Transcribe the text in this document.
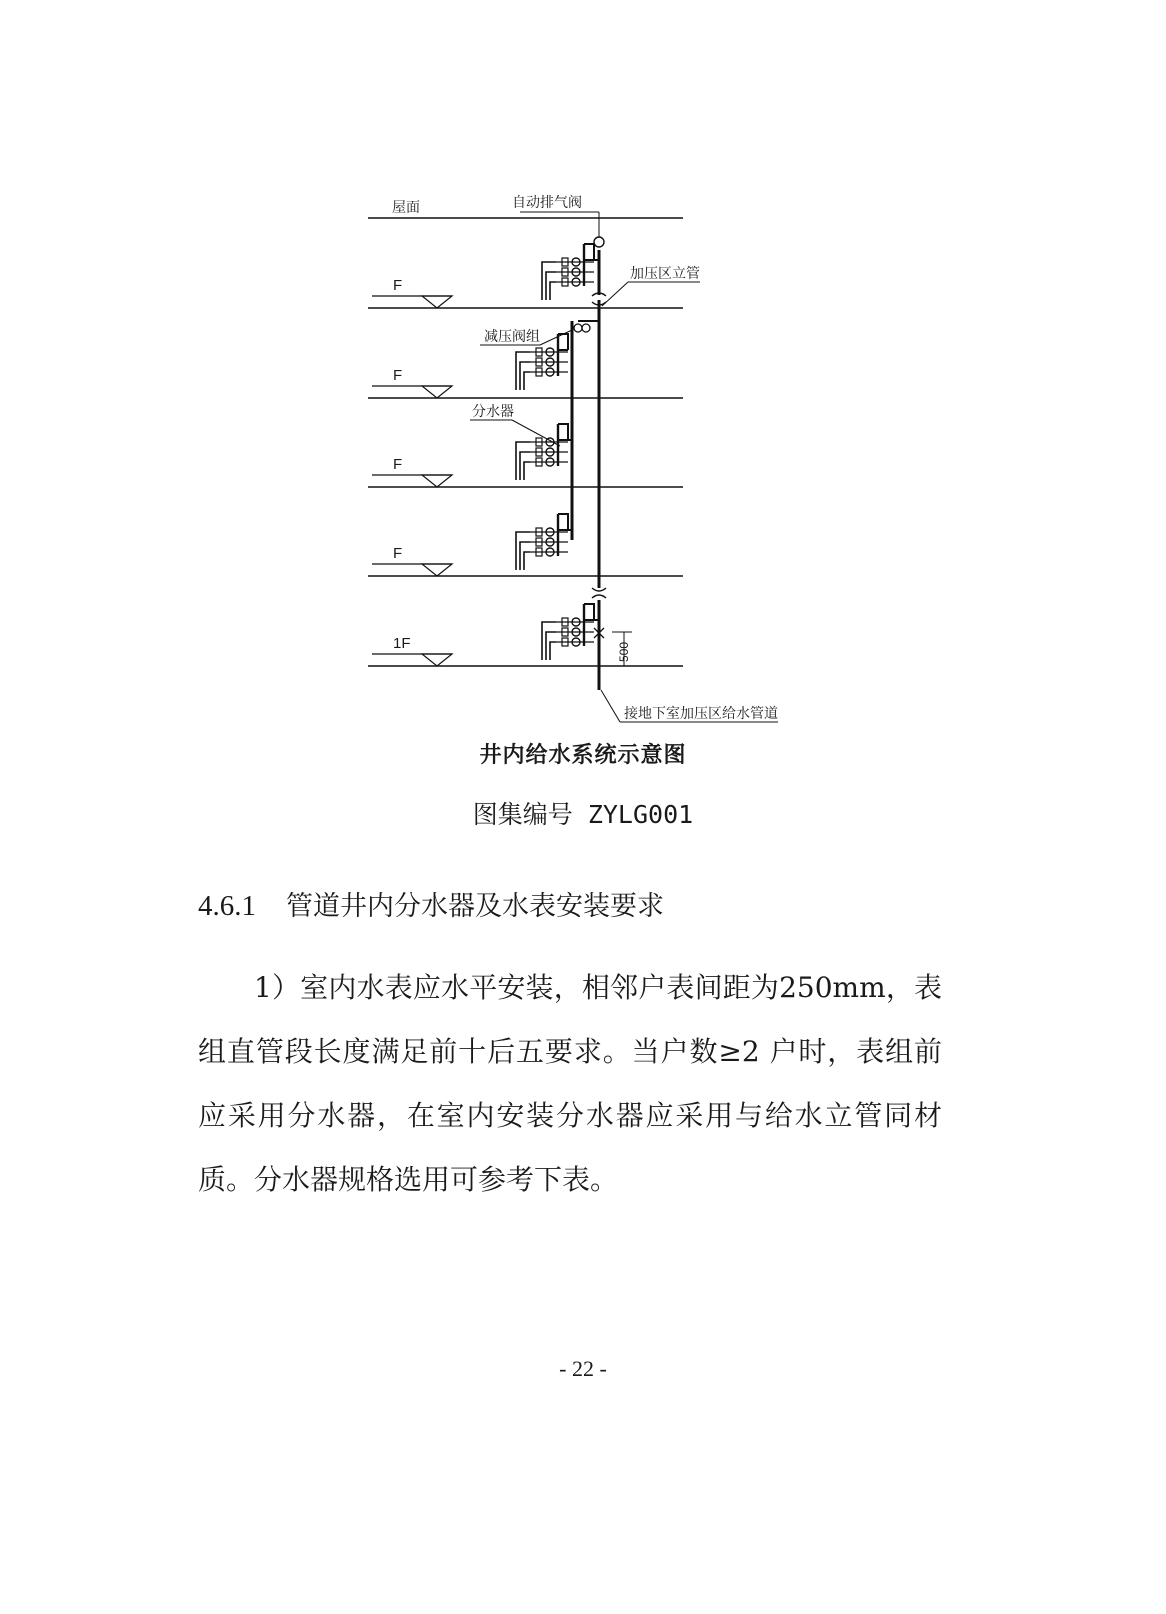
屋面
F
F
F
F
1F
自动排气阀
加压区立管
减压阀组
分水器
500
接地下室加压区给水管道
井内给水系统示意图
图集编号 ZYLG001
4.6.1 管道井内分水器及水表安装要求

1）室内水表应水平安装，相邻户表间距为250mm，表组直管段长度满足前十后五要求。当户数≥2 户时，表组前应采用分水器，在室内安装分水器应采用与给水立管同材质。分水器规格选用可参考下表。

- 22 -
